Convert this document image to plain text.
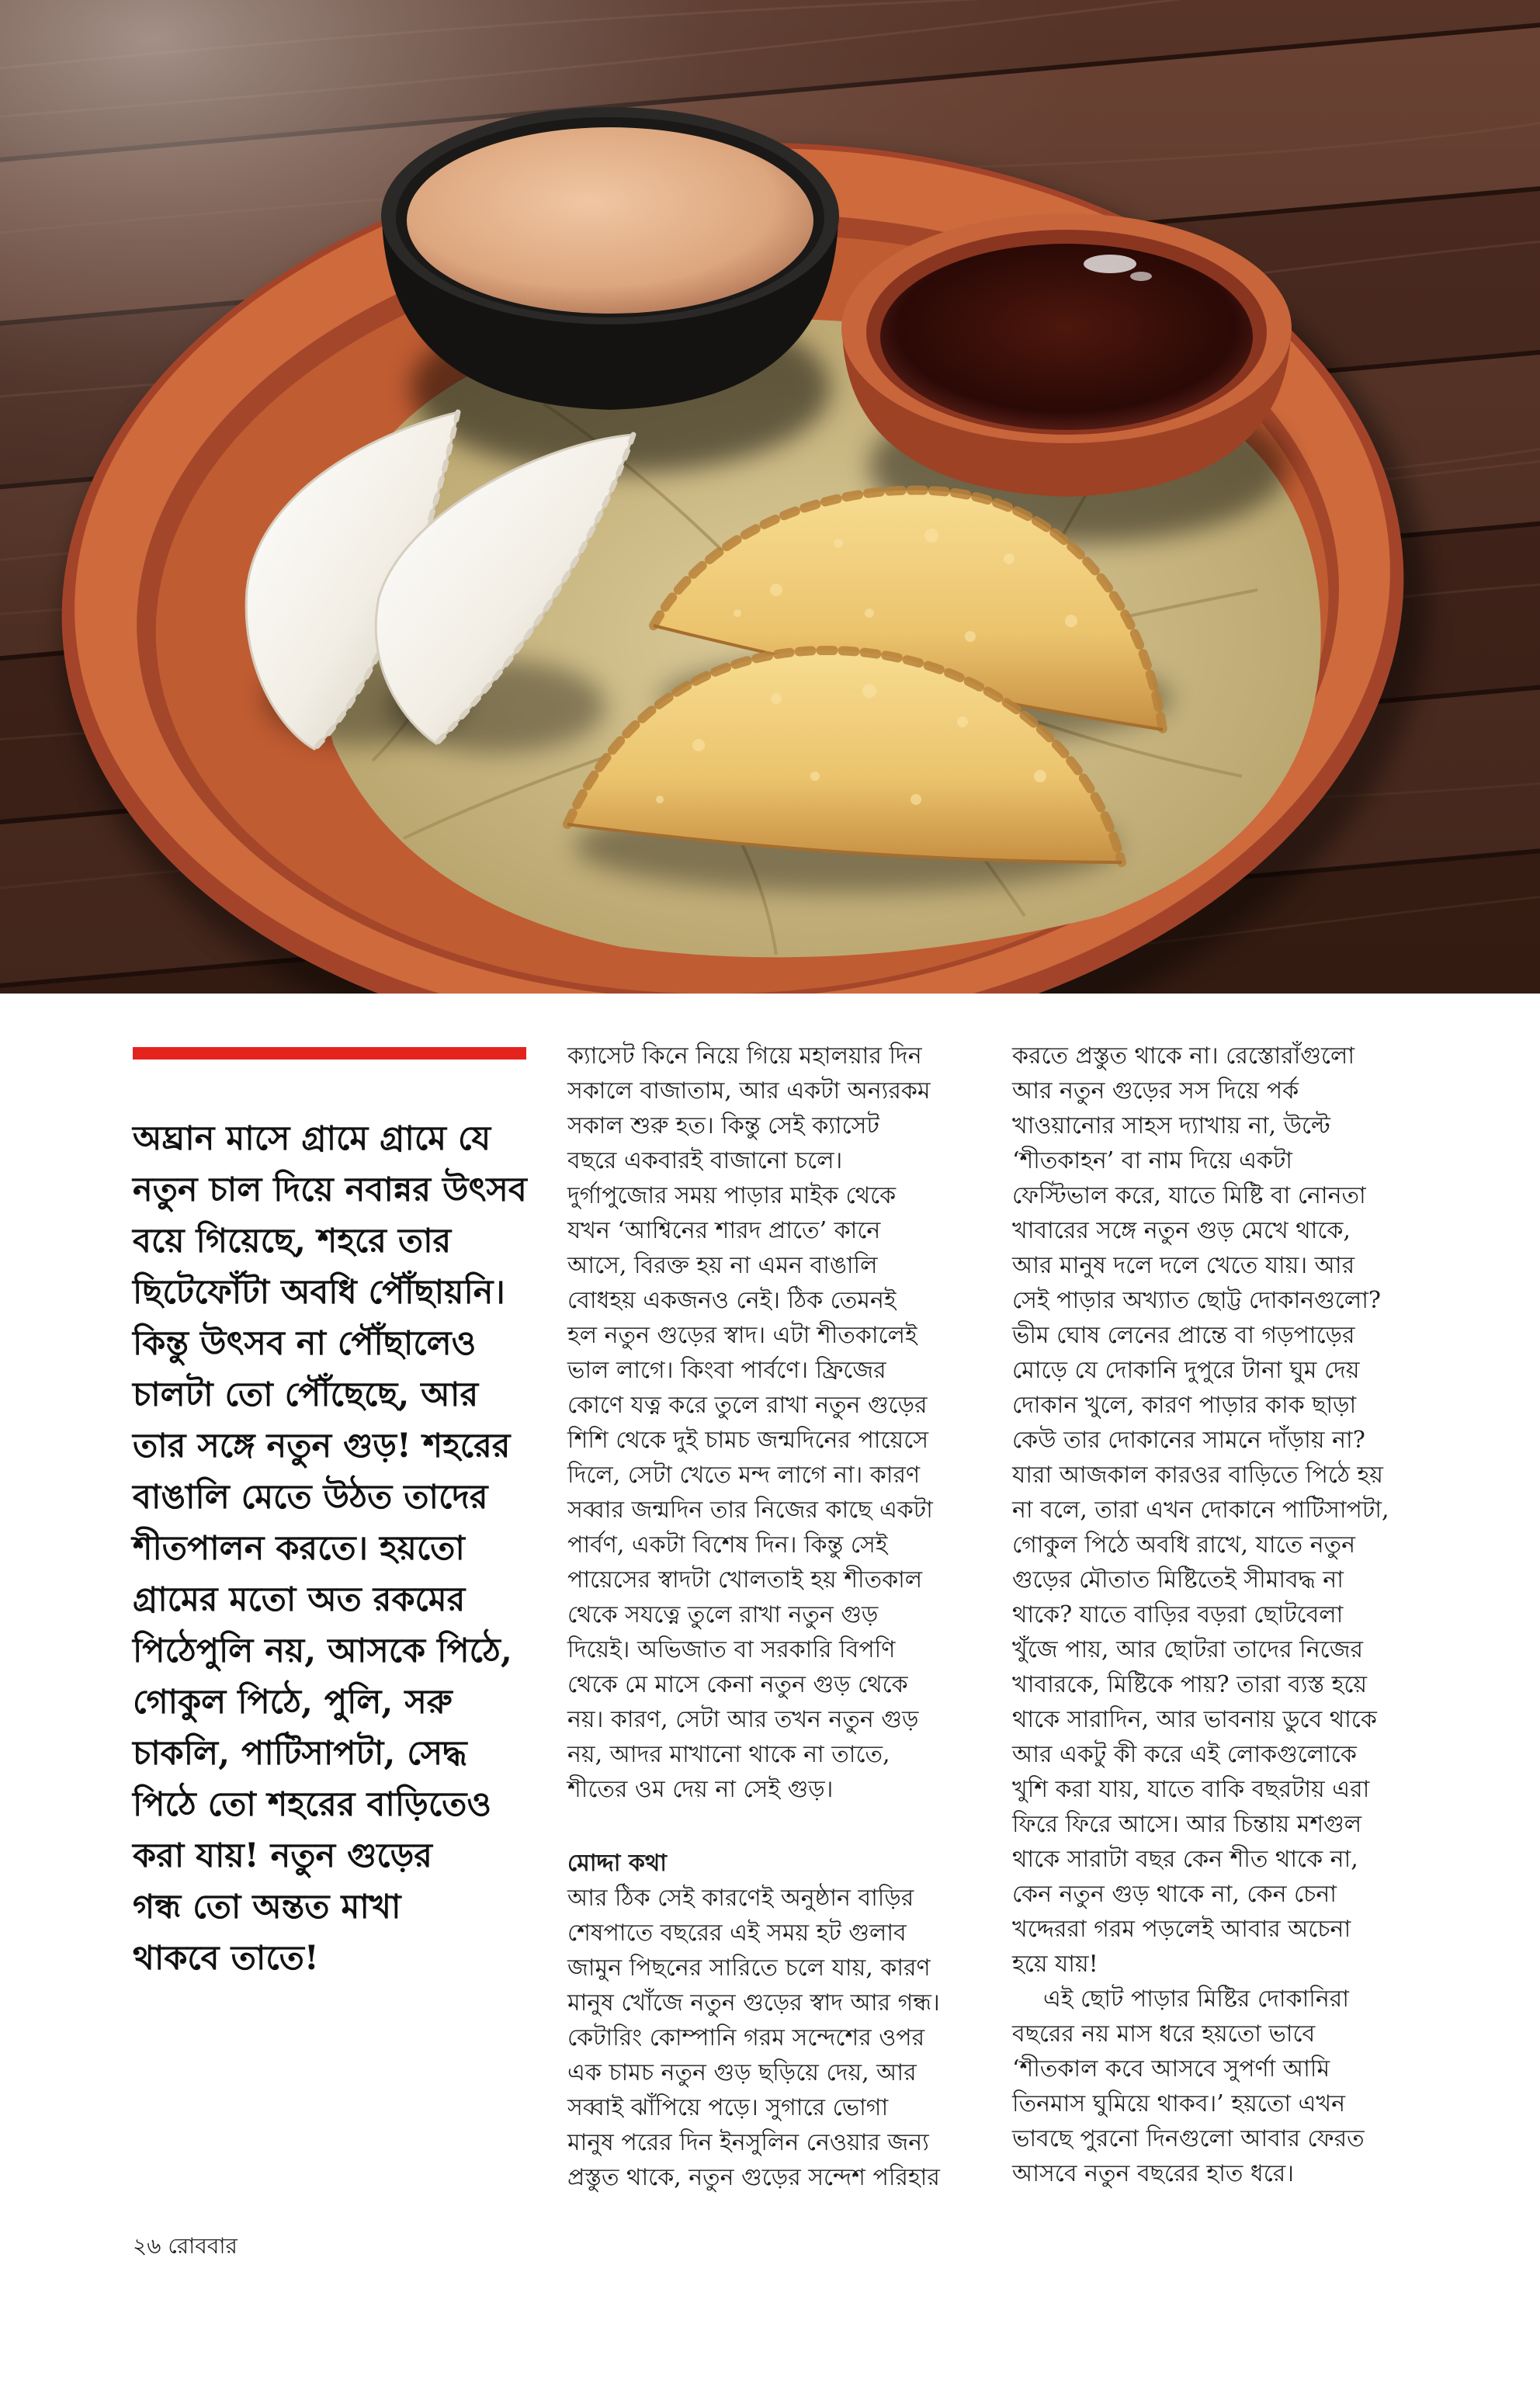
অঘ্রান মাসে গ্রামে গ্রামে যে
নতুন চাল দিয়ে নবান্নর উৎসব
বয়ে গিয়েছে, শহরে তার
ছিটেফোঁটা অবধি পৌঁছায়নি।
কিন্তু উৎসব না পৌঁছালেও
চালটা তো পৌঁছেছে, আর
তার সঙ্গে নতুন গুড়! শহরের
বাঙালি মেতে উঠত তাদের
শীতপালন করতে। হয়তো
গ্রামের মতো অত রকমের
পিঠেপুলি নয়, আসকে পিঠে,
গোকুল পিঠে, পুলি, সরু
চাকলি, পাটিসাপটা, সেদ্ধ
পিঠে তো শহরের বাড়িতেও
করা যায়! নতুন গুড়ের
গন্ধ তো অন্তত মাখা
থাকবে তাতে!
ক্যাসেট কিনে নিয়ে গিয়ে মহালয়ার দিন
সকালে বাজাতাম, আর একটা অন্যরকম
সকাল শুরু হত। কিন্তু সেই ক্যাসেট
বছরে একবারই বাজানো চলে।
দুর্গাপুজোর সময় পাড়ার মাইক থেকে
যখন ‘আশ্বিনের শারদ প্রাতে’ কানে
আসে, বিরক্ত হয় না এমন বাঙালি
বোধহয় একজনও নেই। ঠিক তেমনই
হল নতুন গুড়ের স্বাদ। এটা শীতকালেই
ভাল লাগে। কিংবা পার্বণে। ফ্রিজের
কোণে যত্ন করে তুলে রাখা নতুন গুড়ের
শিশি থেকে দুই চামচ জন্মদিনের পায়েসে
দিলে, সেটা খেতে মন্দ লাগে না। কারণ
সব্বার জন্মদিন তার নিজের কাছে একটা
পার্বণ, একটা বিশেষ দিন। কিন্তু সেই
পায়েসের স্বাদটা খোলতাই হয় শীতকাল
থেকে সযত্নে তুলে রাখা নতুন গুড়
দিয়েই। অভিজাত বা সরকারি বিপণি
থেকে মে মাসে কেনা নতুন গুড় থেকে
নয়। কারণ, সেটা আর তখন নতুন গুড়
নয়, আদর মাখানো থাকে না তাতে,
শীতের ওম দেয় না সেই গুড়।
মোদ্দা কথা
আর ঠিক সেই কারণেই অনুষ্ঠান বাড়ির
শেষপাতে বছরের এই সময় হট গুলাব
জামুন পিছনের সারিতে চলে যায়, কারণ
মানুষ খোঁজে নতুন গুড়ের স্বাদ আর গন্ধ।
কেটারিং কোম্পানি গরম সন্দেশের ওপর
এক চামচ নতুন গুড় ছড়িয়ে দেয়, আর
সব্বাই ঝাঁপিয়ে পড়ে। সুগারে ভোগা
মানুষ পরের দিন ইনসুলিন নেওয়ার জন্য
প্রস্তুত থাকে, নতুন গুড়ের সন্দেশ পরিহার
করতে প্রস্তুত থাকে না। রেস্তোরাঁগুলো
আর নতুন গুড়ের সস দিয়ে পর্ক
খাওয়ানোর সাহস দ্যাখায় না, উল্টে
‘শীতকাহন’ বা নাম দিয়ে একটা
ফেস্টিভাল করে, যাতে মিষ্টি বা নোনতা
খাবারের সঙ্গে নতুন গুড় মেখে থাকে,
আর মানুষ দলে দলে খেতে যায়। আর
সেই পাড়ার অখ্যাত ছোট্ট দোকানগুলো?
ভীম ঘোষ লেনের প্রান্তে বা গড়পাড়ের
মোড়ে যে দোকানি দুপুরে টানা ঘুম দেয়
দোকান খুলে, কারণ পাড়ার কাক ছাড়া
কেউ তার দোকানের সামনে দাঁড়ায় না?
যারা আজকাল কারওর বাড়িতে পিঠে হয়
না বলে, তারা এখন দোকানে পাটিসাপটা,
গোকুল পিঠে অবধি রাখে, যাতে নতুন
গুড়ের মৌতাত মিষ্টিতেই সীমাবদ্ধ না
থাকে? যাতে বাড়ির বড়রা ছোটবেলা
খুঁজে পায়, আর ছোটরা তাদের নিজের
খাবারকে, মিষ্টিকে পায়? তারা ব্যস্ত হয়ে
থাকে সারাদিন, আর ভাবনায় ডুবে থাকে
আর একটু কী করে এই লোকগুলোকে
খুশি করা যায়, যাতে বাকি বছরটায় এরা
ফিরে ফিরে আসে। আর চিন্তায় মশগুল
থাকে সারাটা বছর কেন শীত থাকে না,
কেন নতুন গুড় থাকে না, কেন চেনা
খদ্দেররা গরম পড়লেই আবার অচেনা
হয়ে যায়!
এই ছোট পাড়ার মিষ্টির দোকানিরা
বছরের নয় মাস ধরে হয়তো ভাবে
‘শীতকাল কবে আসবে সুপর্ণা আমি
তিনমাস ঘুমিয়ে থাকব।’ হয়তো এখন
ভাবছে পুরনো দিনগুলো আবার ফেরত
আসবে নতুন বছরের হাত ধরে।
২৬ রোববার
